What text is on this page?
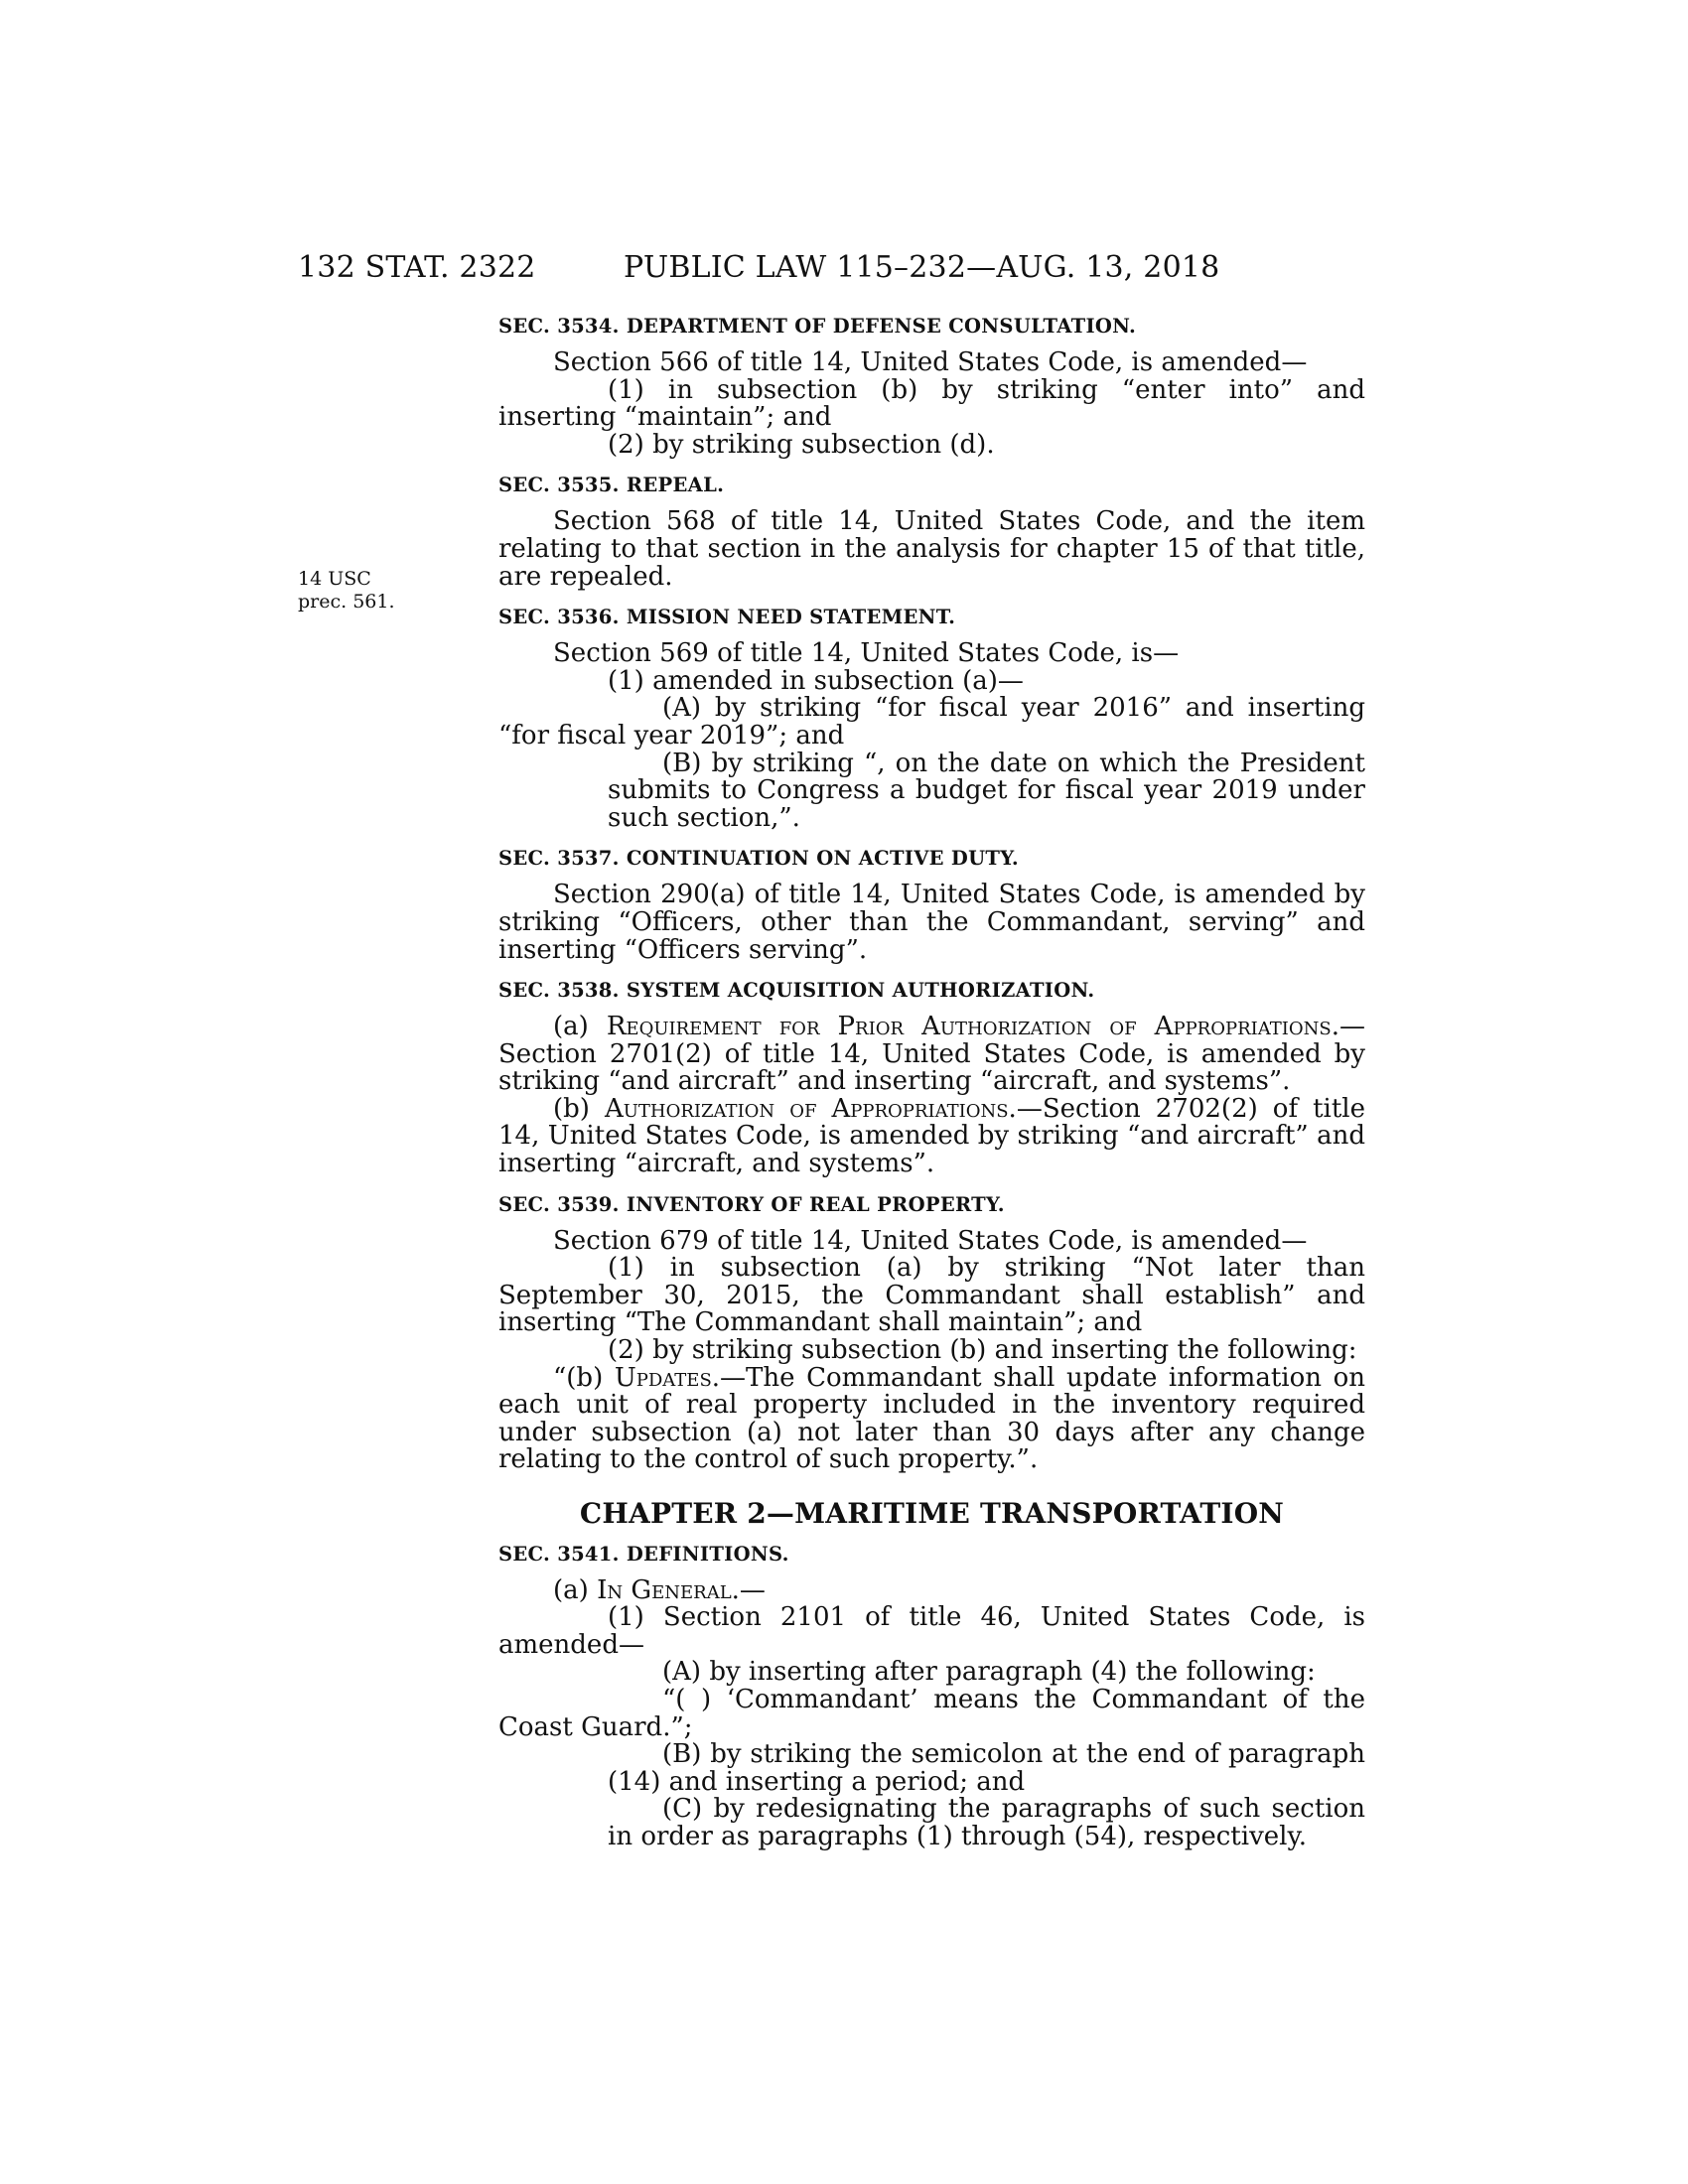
132 STAT. 2322	PUBLIC LAW 115–232—AUG. 13, 2018
14 USC
prec. 561.
SEC. 3534. DEPARTMENT OF DEFENSE CONSULTATION.

Section 566 of title 14, United States Code, is amended—

(1) in subsection (b) by striking “enter into” and inserting “maintain”; and

(2) by striking subsection (d).

SEC. 3535. REPEAL.

Section 568 of title 14, United States Code, and the item relating to that section in the analysis for chapter 15 of that title, are repealed.

SEC. 3536. MISSION NEED STATEMENT.

Section 569 of title 14, United States Code, is—

(1) amended in subsection (a)—

(A) by striking “for fiscal year 2016” and inserting “for fiscal year 2019”; and

(B) by striking “, on the date on which the President submits to Congress a budget for fiscal year 2019 under such section,”.

SEC. 3537. CONTINUATION ON ACTIVE DUTY.

Section 290(a) of title 14, United States Code, is amended by striking “Officers, other than the Commandant, serving” and inserting “Officers serving”.

SEC. 3538. SYSTEM ACQUISITION AUTHORIZATION.

(a) Requirement for Prior Authorization of Appropriations.—Section 2701(2) of title 14, United States Code, is amended by striking “and aircraft” and inserting “aircraft, and systems”.

(b) Authorization of Appropriations.—Section 2702(2) of title 14, United States Code, is amended by striking “and aircraft” and inserting “aircraft, and systems”.

SEC. 3539. INVENTORY OF REAL PROPERTY.

Section 679 of title 14, United States Code, is amended—

(1) in subsection (a) by striking “Not later than September 30, 2015, the Commandant shall establish” and inserting “The Commandant shall maintain”; and

(2) by striking subsection (b) and inserting the following:

“(b) Updates.—The Commandant shall update information on each unit of real property included in the inventory required under subsection (a) not later than 30 days after any change relating to the control of such property.”.

CHAPTER 2—MARITIME TRANSPORTATION
SEC. 3541. DEFINITIONS.

(a) In General.—

(1) Section 2101 of title 46, United States Code, is amended—

(A) by inserting after paragraph (4) the following:

“( ) ‘Commandant’ means the Commandant of the Coast Guard.”;

(B) by striking the semicolon at the end of paragraph (14) and inserting a period; and

(C) by redesignating the paragraphs of such section in order as paragraphs (1) through (54), respectively.
